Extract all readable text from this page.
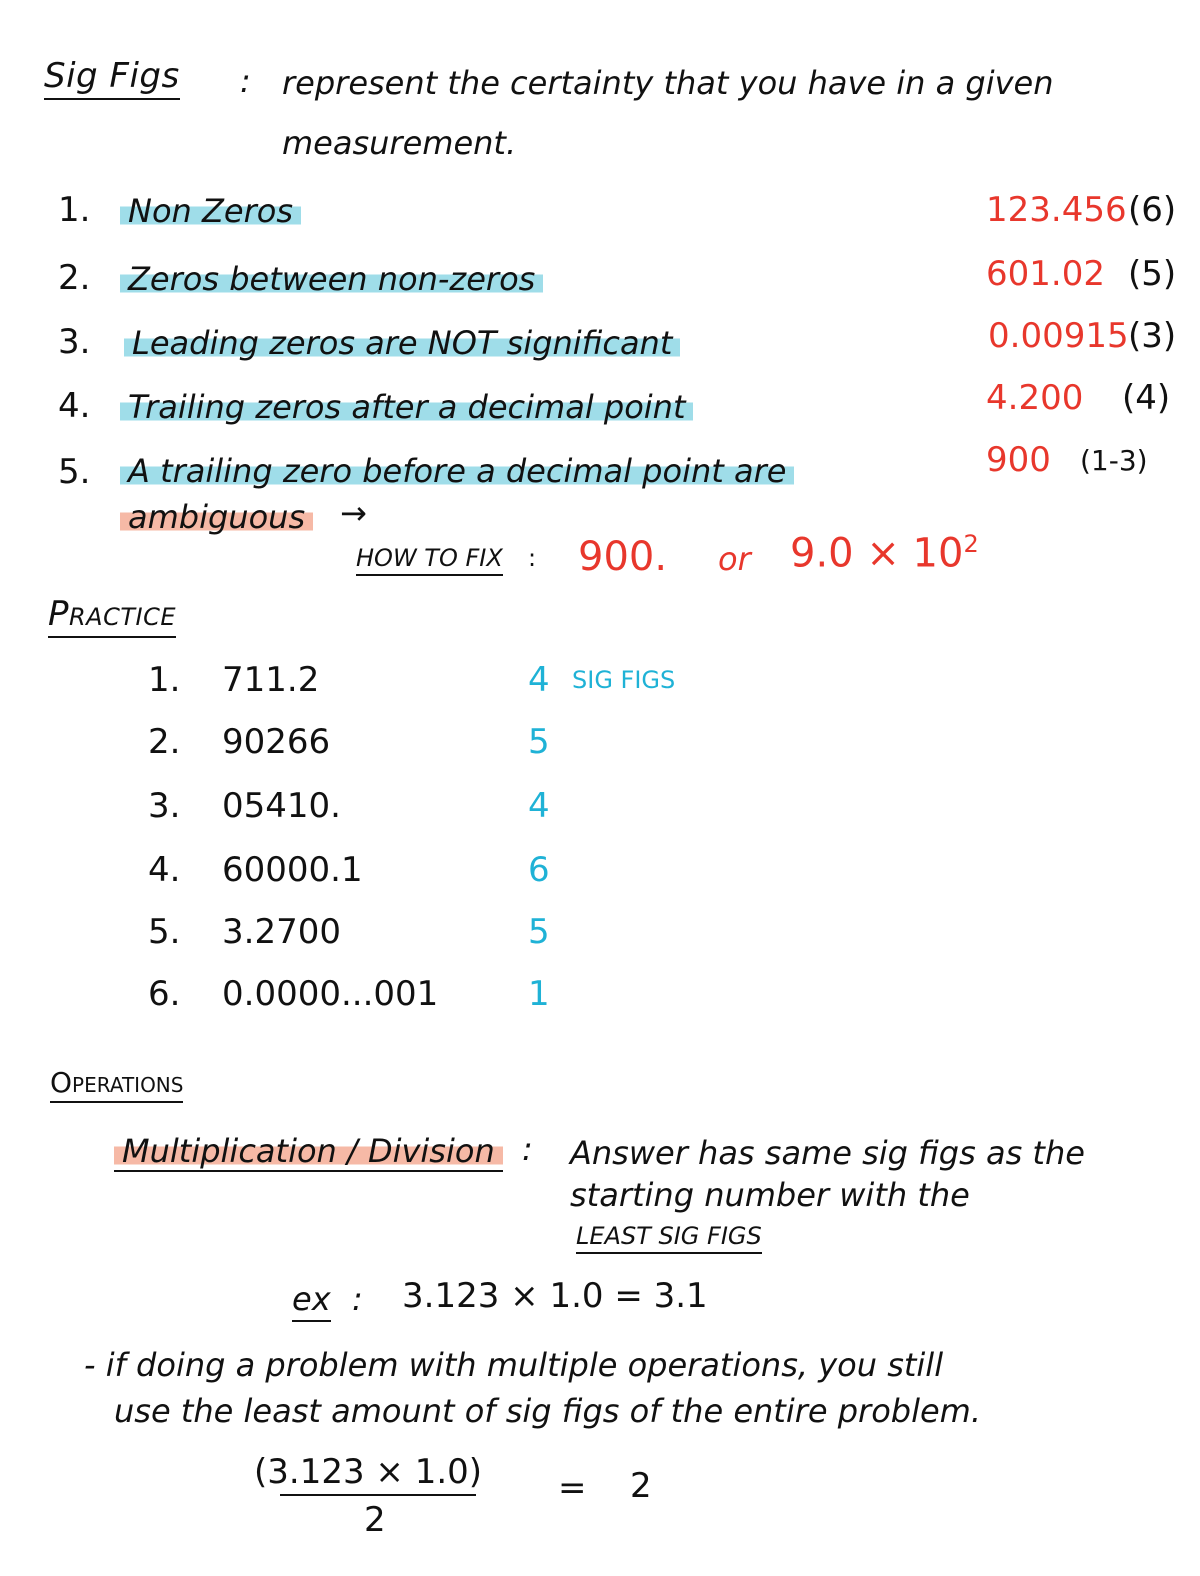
Sig Figs : represent the certainty that you have in a given
measurement.
1. Non Zeros	123.456 (6)
2. Zeros between non-zeros	601.02 (5)
3. Leading zeros are NOT significant	0.00915 (3)
4. Trailing zeros after a decimal point	4.200 (4)
5. A trailing zero before a decimal point are
ambiguous
900 (1-3)
→
HOW TO FIX : 900. or $9.0 \times 10^2$
Practice
1. 711.2	4 SIG FIGS
2. 90266	5
3. 05410.	4
4. 60000.1	6
5. 3.2700	5
6. 0.0000...001	1
Operations
Multiplication / Division : Answer has same sig figs as the
starting number with the
LEAST SIG FIGS
ex : 3.123 × 1.0 = 3.1
- if doing a problem with multiple operations, you still
use the least amount of sig figs of the entire problem.
(3.123 × 1.0)
2
= 2
